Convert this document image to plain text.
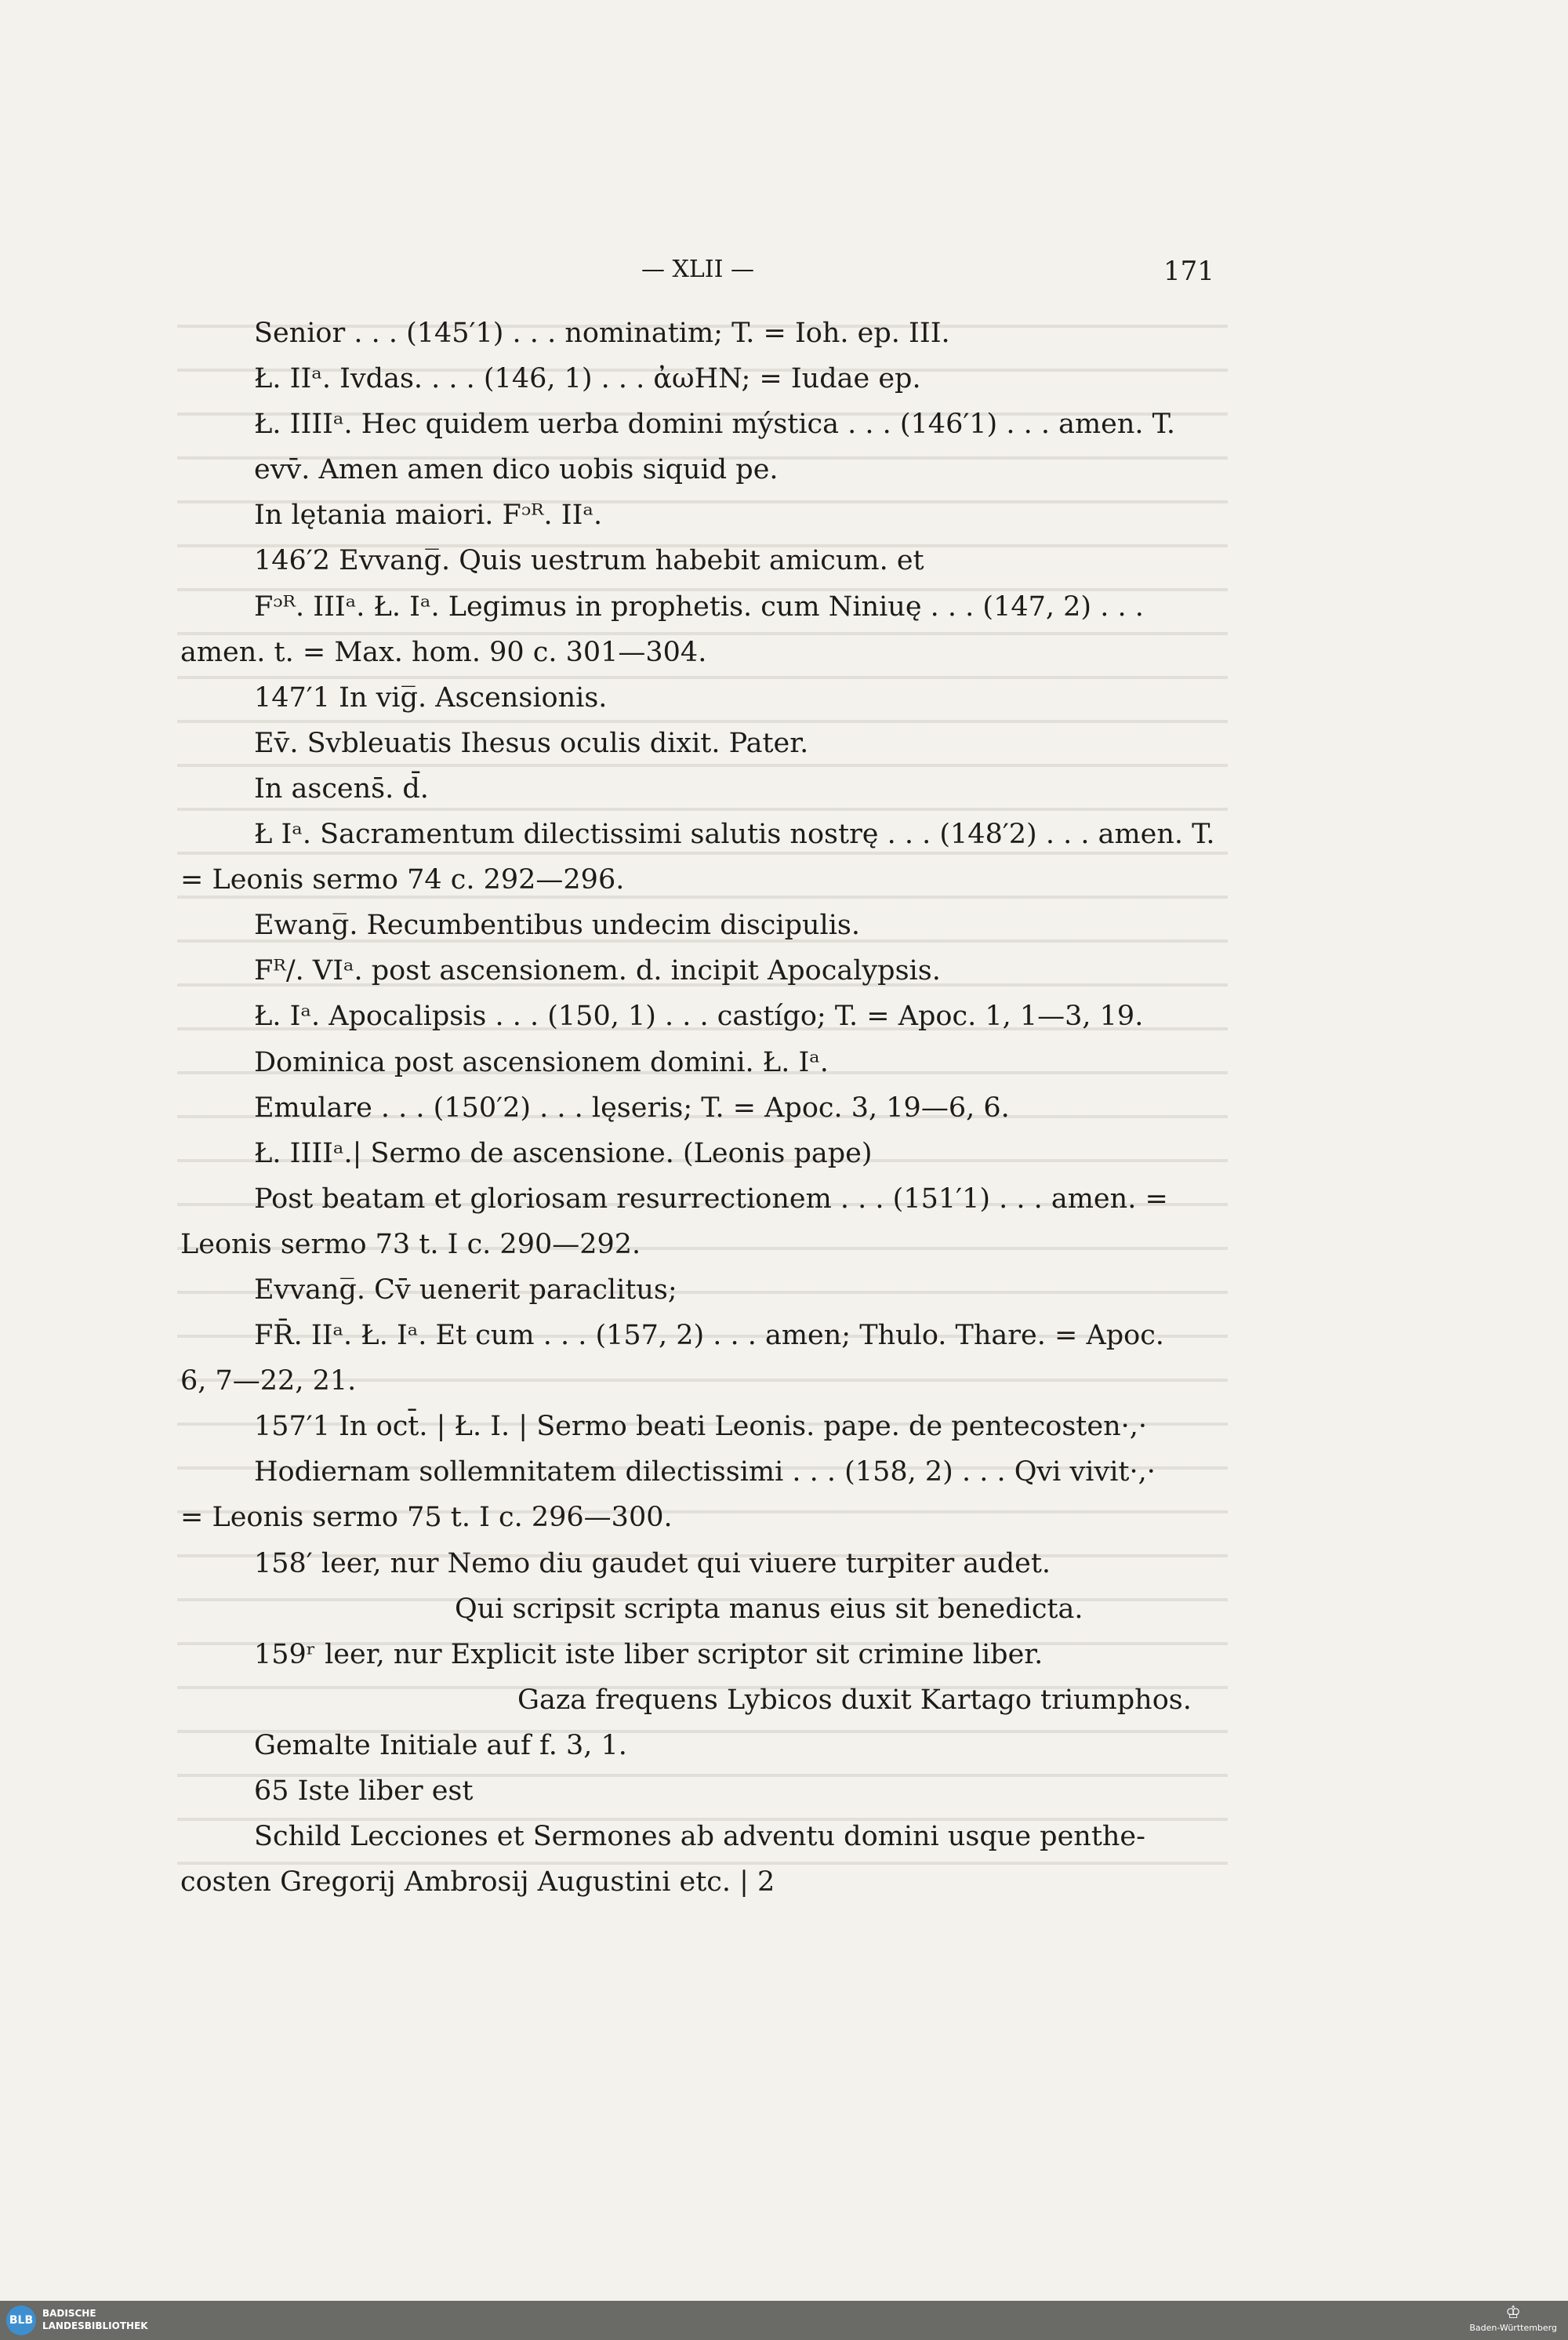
— XLII —	171
Senior . . . (145′1) . . . nominatim; T. = Ioh. ep. III.
Ł. IIᵃ. Ivdas. . . . (146, 1) . . . ἀωHN; = Iudae ep.
Ł. IIIIᵃ. Hec quidem uerba domini mýstica . . . (146′1) . . . amen. T.
evv̄. Amen amen dico uobis siquid pe.
In lętania maiori. Fᵓᴿ. IIᵃ.
146′2 Evvang̅. Quis uestrum habebit amicum. et
Fᵓᴿ. IIIᵃ. Ł. Iᵃ. Legimus in prophetis. cum Niniuę . . . (147, 2) . . .
amen. t. = Max. hom. 90 c. 301—304.
147′1 In vig̅. Ascensionis.
Ev̄. Svbleuatis Ihesus oculis dixit. Pater.
In ascens̄. d̄.
Ł Iᵃ. Sacramentum dilectissimi salutis nostrę . . . (148′2) . . . amen. T.
= Leonis sermo 74 c. 292—296.
Ewang̅. Recumbentibus undecim discipulis.
Fᴿ/. VIᵃ. post ascensionem. d. incipit Apocalypsis.
Ł. Iᵃ. Apocalipsis . . . (150, 1) . . . castígo; T. = Apoc. 1, 1—3, 19.
Dominica post ascensionem domini. Ł. Iᵃ.
Emulare . . . (150′2) . . . lęseris; T. = Apoc. 3, 19—6, 6.
Ł. IIIIᵃ.| Sermo de ascensione. (Leonis pape)
Post beatam et gloriosam resurrectionem . . . (151′1) . . . amen. =
Leonis sermo 73 t. I c. 290—292.
Evvang̅. Cv̄ uenerit paraclitus;
FR̄. IIᵃ. Ł. Iᵃ. Et cum . . . (157, 2) . . . amen; Thulo. Thare. = Apoc.
6, 7—22, 21.
157′1 In oct̄. | Ł. I. | Sermo beati Leonis. pape. de pentecosten·,·
Hodiernam sollemnitatem dilectissimi . . . (158, 2) . . . Qvi vivit·,·
= Leonis sermo 75 t. I c. 296—300.
158′ leer, nur Nemo diu gaudet qui viuere turpiter audet.
Qui scripsit scripta manus eius sit benedicta.
159ʳ leer, nur Explicit iste liber scriptor sit crimine liber.
Gaza frequens Lybicos duxit Kartago triumphos.
Gemalte Initiale auf f. 3, 1.
65 Iste liber est
Schild Lecciones et Sermones ab adventu domini usque penthe-
costen Gregorij Ambrosij Augustini etc. | 2
BLB
BADISCHE
LANDESBIBLIOTHEK
♔
Baden-Württemberg
